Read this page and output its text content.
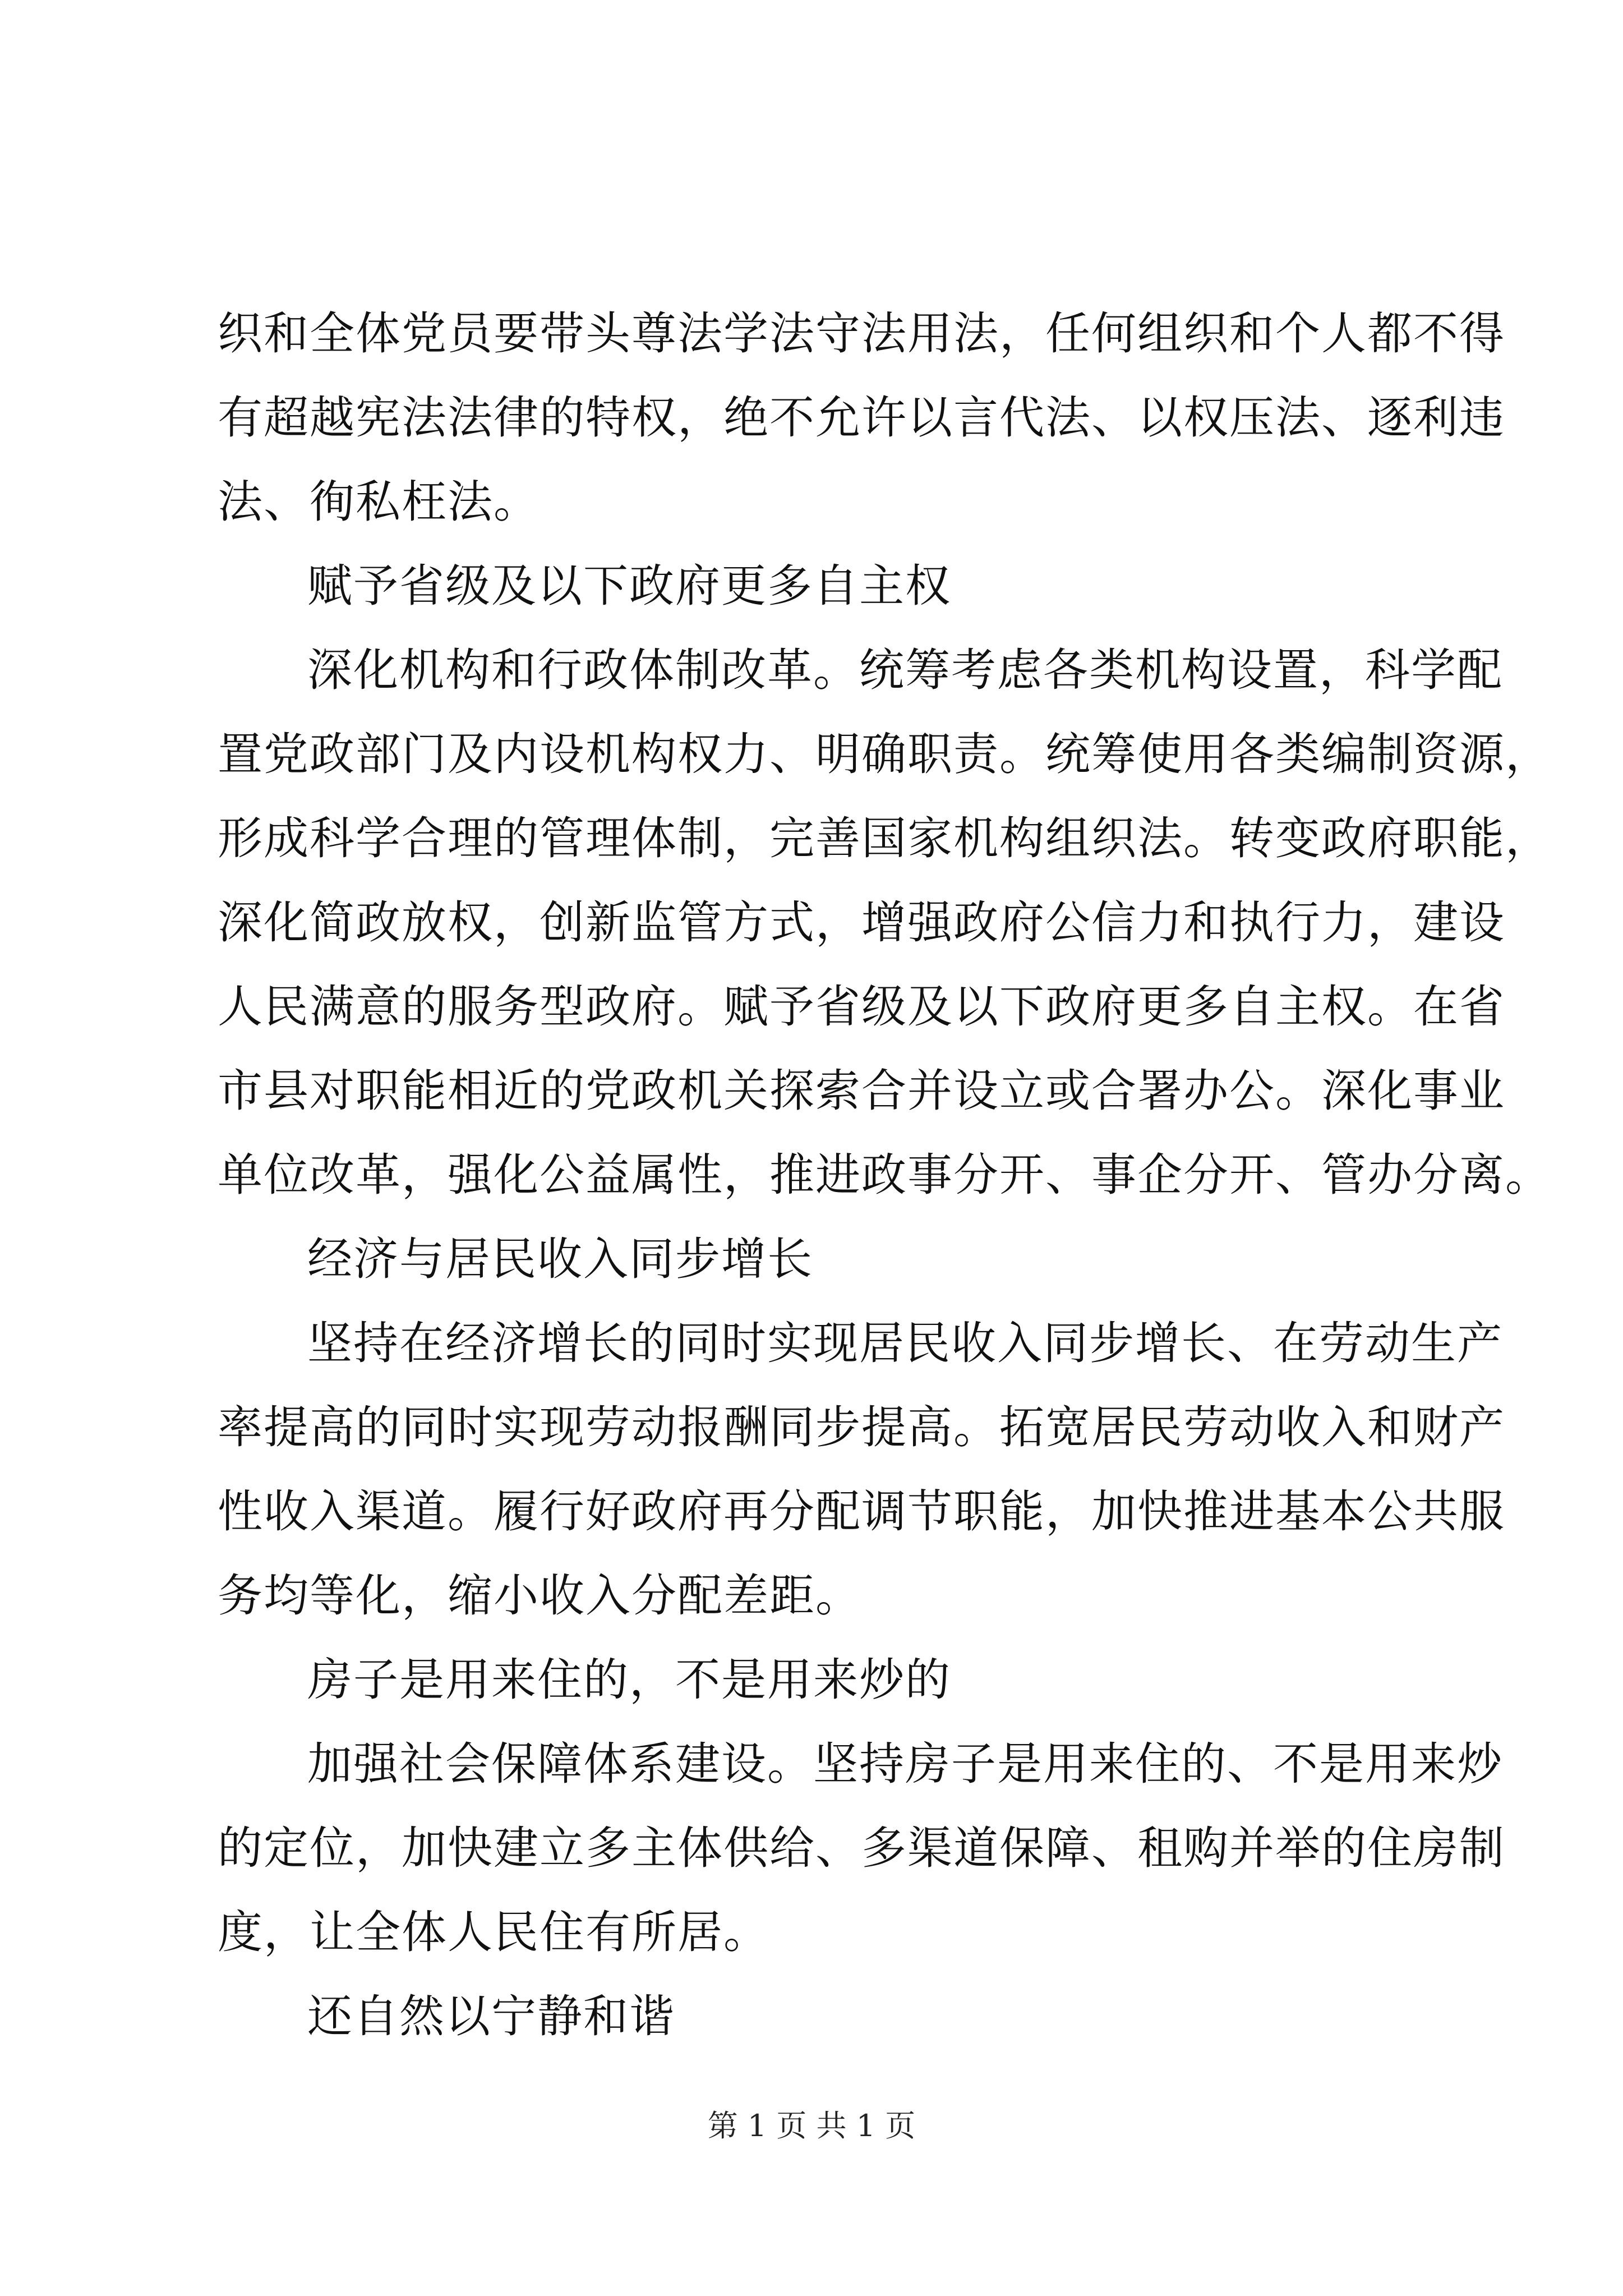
织和全体党员要带头尊法学法守法用法，任何组织和个人都不得
有超越宪法法律的特权，绝不允许以言代法、以权压法、逐利违
法、徇私枉法。
赋予省级及以下政府更多自主权
深化机构和行政体制改革。统筹考虑各类机构设置，科学配
置党政部门及内设机构权力、明确职责。统筹使用各类编制资源，
形成科学合理的管理体制，完善国家机构组织法。转变政府职能，
深化简政放权，创新监管方式，增强政府公信力和执行力，建设
人民满意的服务型政府。赋予省级及以下政府更多自主权。在省
市县对职能相近的党政机关探索合并设立或合署办公。深化事业
单位改革，强化公益属性，推进政事分开、事企分开、管办分离。
经济与居民收入同步增长
坚持在经济增长的同时实现居民收入同步增长、在劳动生产
率提高的同时实现劳动报酬同步提高。拓宽居民劳动收入和财产
性收入渠道。履行好政府再分配调节职能，加快推进基本公共服
务均等化，缩小收入分配差距。
房子是用来住的，不是用来炒的
加强社会保障体系建设。坚持房子是用来住的、不是用来炒
的定位，加快建立多主体供给、多渠道保障、租购并举的住房制
度，让全体人民住有所居。
还自然以宁静和谐
第 1 页 共 1 页
